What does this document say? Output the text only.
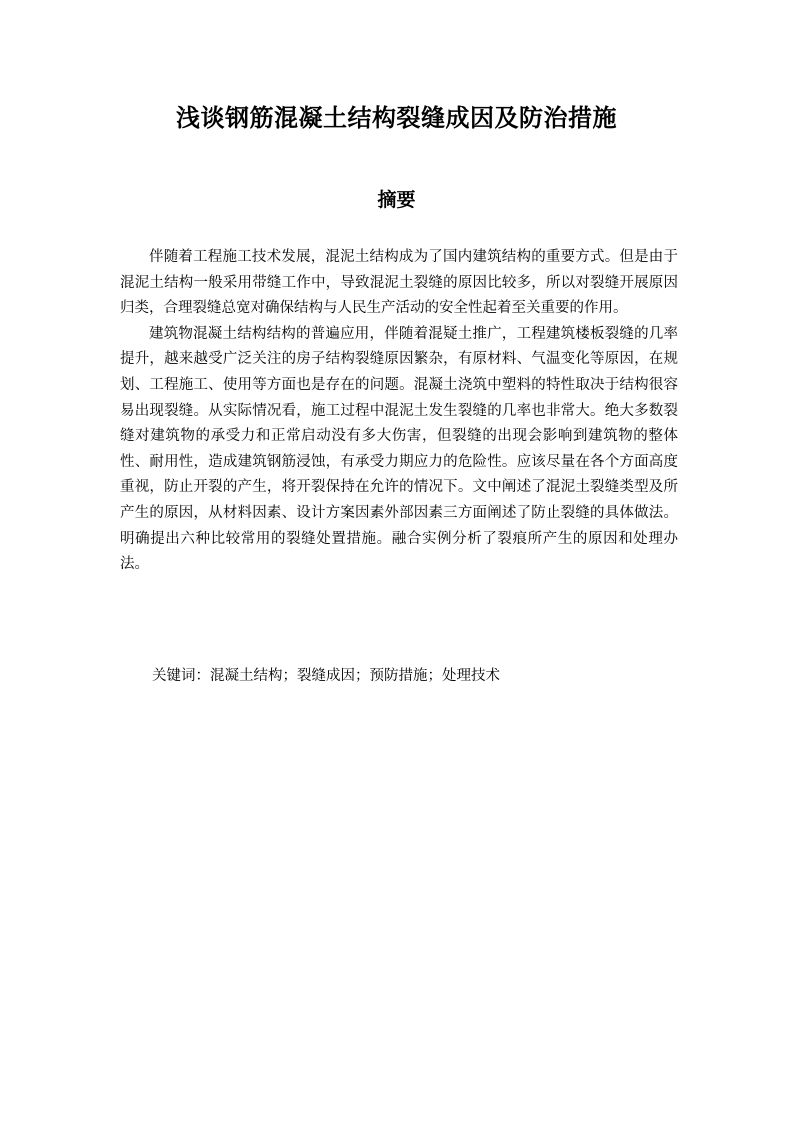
浅谈钢筋混凝土结构裂缝成因及防治措施
摘要

伴随着工程施工技术发展，混泥土结构成为了国内建筑结构的重要方式。但是由于混泥土结构一般采用带缝工作中，导致混泥土裂缝的原因比较多，所以对裂缝开展原因归类，合理裂缝总宽对确保结构与人民生产活动的安全性起着至关重要的作用。

建筑物混凝土结构结构的普遍应用，伴随着混疑土推广，工程建筑楼板裂缝的几率提升，越来越受广泛关注的房子结构裂缝原因繁杂，有原材料、气温变化等原因，在规划、工程施工、使用等方面也是存在的问题。混凝土浇筑中塑料的特性取决于结构很容易出现裂缝。从实际情况看，施工过程中混泥土发生裂缝的几率也非常大。绝大多数裂缝对建筑物的承受力和正常启动没有多大伤害，但裂缝的出现会影响到建筑物的整体性、耐用性，造成建筑钢筋浸蚀，有承受力期应力的危险性。应该尽量在各个方面高度重视，防止开裂的产生，将开裂保持在允许的情况下。文中阐述了混泥土裂缝类型及所产生的原因，从材料因素、设计方案因素外部因素三方面阐述了防止裂缝的具体做法。明确提出六种比较常用的裂缝处置措施。融合实例分析了裂痕所产生的原因和处理办法。

关键词：混凝土结构；裂缝成因；预防措施；处理技术
